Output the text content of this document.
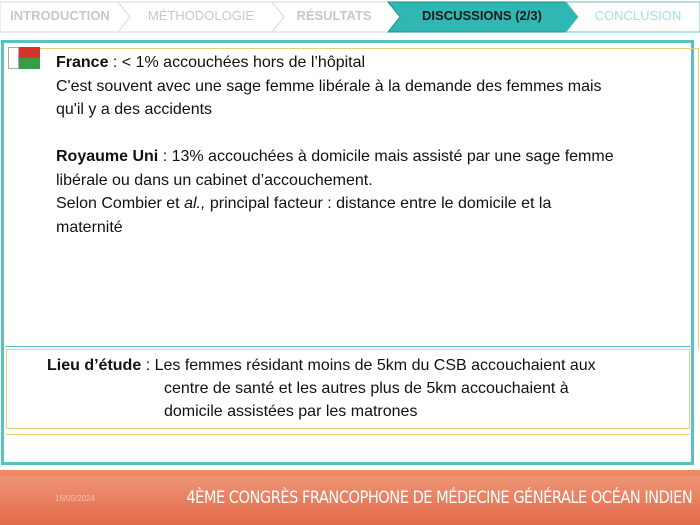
INTRODUCTION	MÉTHODOLOGIE	RÉSULTATS	DISCUSSIONS (2/3)	CONCLUSION

France : < 1% accouchées hors de l’hôpital

C'est souvent avec une sage femme libérale à la demande des femmes mais

qu'il y a des accidents

Royaume Uni : 13% accouchées à domicile mais assisté par une sage femme

libérale ou dans un cabinet d’accouchement.

Selon Combier et al., principal facteur : distance entre le domicile et la

maternité

Lieu d’étude : Les femmes résidant moins de 5km du CSB accouchaient aux
centre de santé et les autres plus de 5km accouchaient à
domicile assistées par les matrones
16/05/2024	4ÈME CONGRÈS FRANCOPHONE DE MÉDECINE GÉNÉRALE OCÉAN INDIEN
